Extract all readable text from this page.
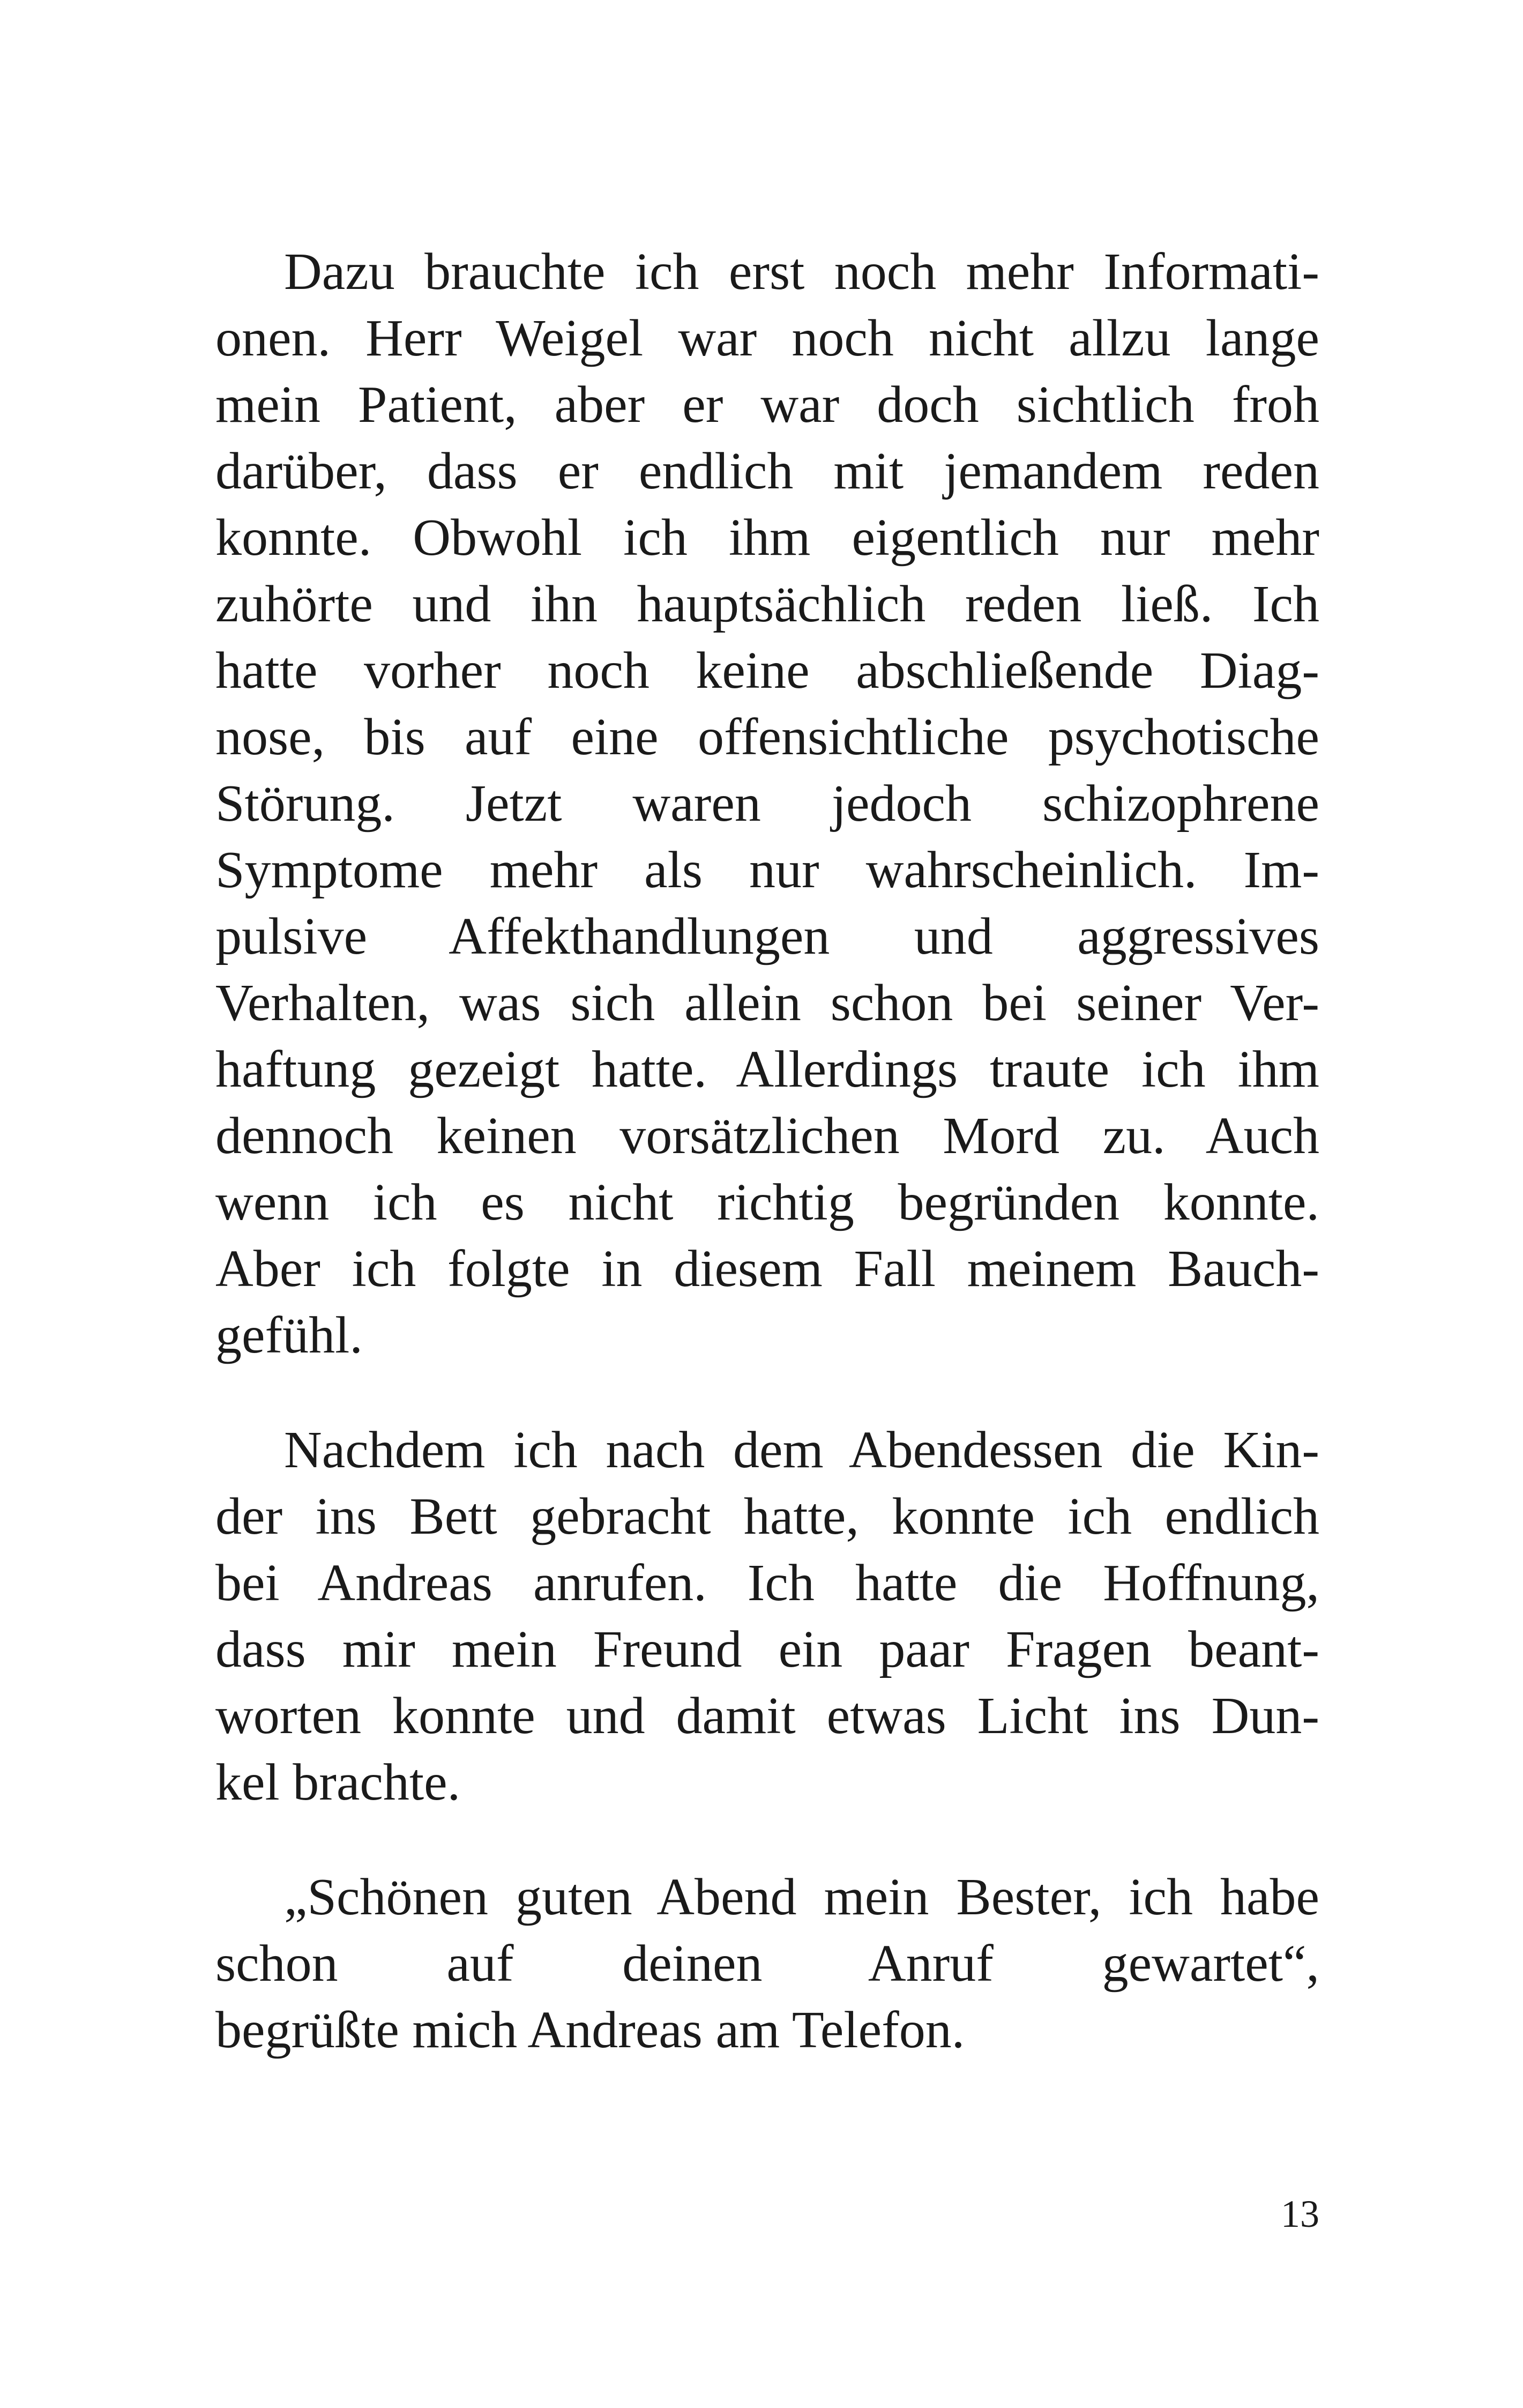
Dazu brauchte ich erst noch mehr Informati-
onen. Herr Weigel war noch nicht allzu lange
mein Patient, aber er war doch sichtlich froh
darüber, dass er endlich mit jemandem reden
konnte. Obwohl ich ihm eigentlich nur mehr
zuhörte und ihn hauptsächlich reden ließ. Ich
hatte vorher noch keine abschließende Diag-
nose, bis auf eine offensichtliche psychotische
Störung. Jetzt waren jedoch schizophrene
Symptome mehr als nur wahrscheinlich. Im-
pulsive Affekthandlungen und aggressives
Verhalten, was sich allein schon bei seiner Ver-
haftung gezeigt hatte. Allerdings traute ich ihm
dennoch keinen vorsätzlichen Mord zu. Auch
wenn ich es nicht richtig begründen konnte.
Aber ich folgte in diesem Fall meinem Bauch-
gefühl.
Nachdem ich nach dem Abendessen die Kin-
der ins Bett gebracht hatte, konnte ich endlich
bei Andreas anrufen. Ich hatte die Hoffnung,
dass mir mein Freund ein paar Fragen beant-
worten konnte und damit etwas Licht ins Dun-
kel brachte.
„Schönen guten Abend mein Bester, ich habe
schon auf deinen Anruf gewartet“,
begrüßte mich Andreas am Telefon.
13
